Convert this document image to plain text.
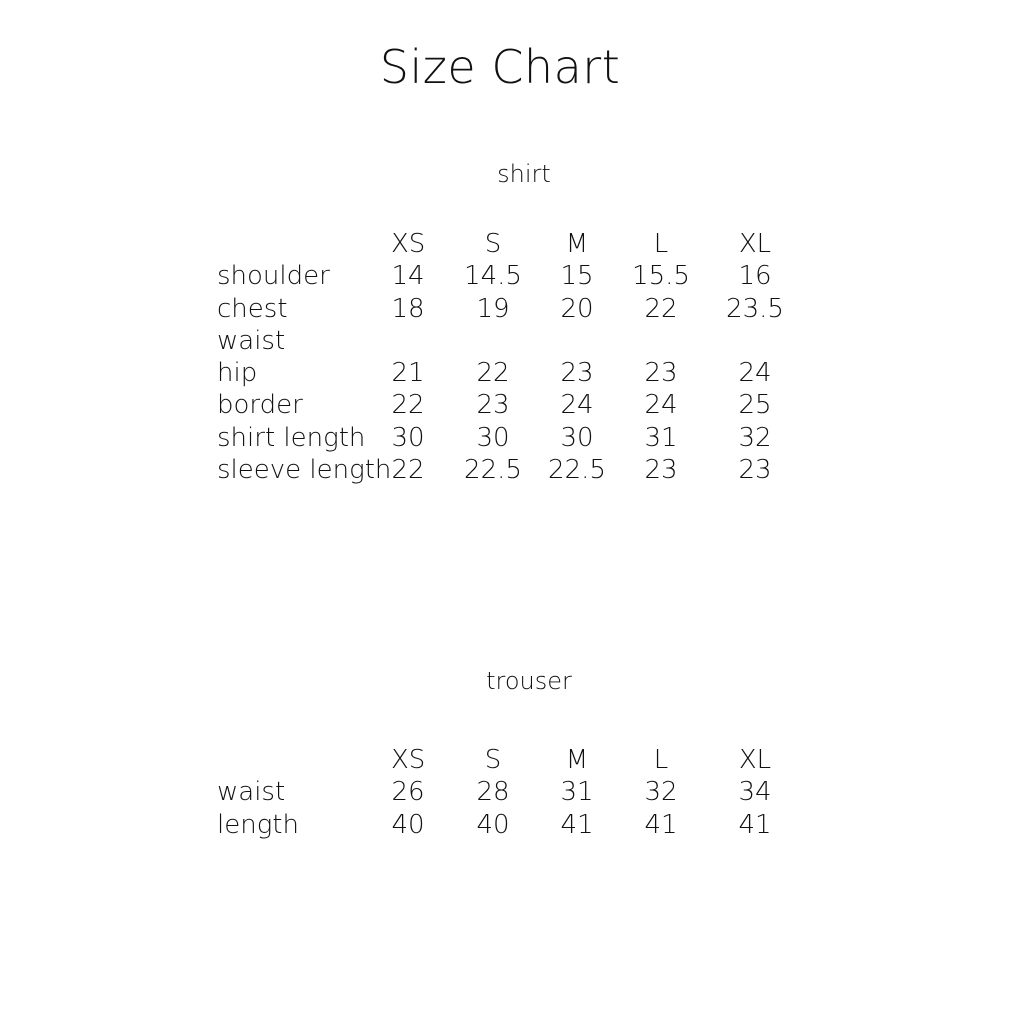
Size Chart
shirt
XS	S	M	L	XL
shoulder	14	14.5	15	15.5	16
chest	18	19	20	22	23.5
waist
hip	21	22	23	23	24
border	22	23	24	24	25
shirt length	30	30	30	31	32
sleeve length 22	22.5	22.5	23	23
trouser
XS	S	M	L	XL
waist	26	28	31	32	34
length	40	40	41	41	41
